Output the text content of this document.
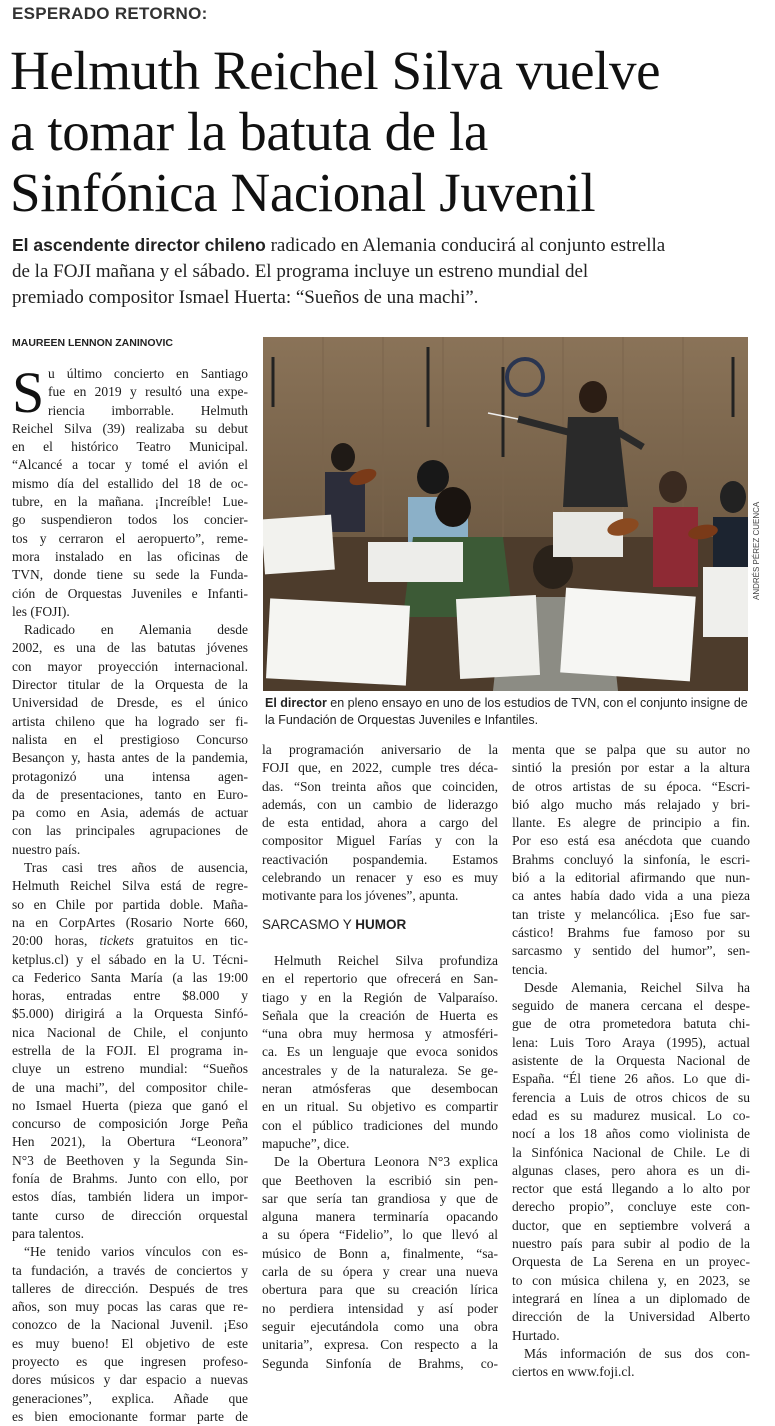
ESPERADO RETORNO:
Helmuth Reichel Silva vuelve
a tomar la batuta de la
Sinfónica Nacional Juvenil
El ascendente director chileno radicado en Alemania conducirá al conjunto estrella
de la FOJI mañana y el sábado. El programa incluye un estreno mundial del
premiado compositor Ismael Huerta: “Sueños de una machi”.
MAUREEN LENNON ZANINOVIC
S u último concierto en Santiago
fue en 2019 y resultó una expe-
riencia imborrable. Helmuth
Reichel Silva (39) realizaba su debut
en el histórico Teatro Municipal.
“Alcancé a tocar y tomé el avión el
mismo día del estallido del 18 de oc-
tubre, en la mañana. ¡Increíble! Lue-
go suspendieron todos los concier-
tos y cerraron el aeropuerto”, reme-
mora instalado en las oficinas de
TVN, donde tiene su sede la Funda-
ción de Orquestas Juveniles e Infanti-
les (FOJI).
Radicado en Alemania desde
2002, es una de las batutas jóvenes
con mayor proyección internacional.
Director titular de la Orquesta de la
Universidad de Dresde, es el único
artista chileno que ha logrado ser fi-
nalista en el prestigioso Concurso
Besançon y, hasta antes de la pandemia,
protagonizó una intensa agen-
da de presentaciones, tanto en Euro-
pa como en Asia, además de actuar
con las principales agrupaciones de
nuestro país.
Tras casi tres años de ausencia,
Helmuth Reichel Silva está de regre-
so en Chile por partida doble. Maña-
na en CorpArtes (Rosario Norte 660,
20:00 horas, tickets gratuitos en tic-
ketplus.cl) y el sábado en la U. Técni-
ca Federico Santa María (a las 19:00
horas, entradas entre $8.000 y
$5.000) dirigirá a la Orquesta Sinfó-
nica Nacional de Chile, el conjunto
estrella de la FOJI. El programa in-
cluye un estreno mundial: “Sueños
de una machi”, del compositor chile-
no Ismael Huerta (pieza que ganó el
concurso de composición Jorge Peña
Hen 2021), la Obertura “Leonora”
N°3 de Beethoven y la Segunda Sin-
fonía de Brahms. Junto con ello, por
estos días, también lidera un impor-
tante curso de dirección orquestal
para talentos.
“He tenido varios vínculos con es-
ta fundación, a través de conciertos y
talleres de dirección. Después de tres
años, son muy pocas las caras que re-
conozco de la Nacional Juvenil. ¡Eso
es muy bueno! El objetivo de este
proyecto es que ingresen profeso-
dores músicos y dar espacio a nuevas
generaciones”, explica. Añade que
es bien emocionante formar parte de
ANDRÉS PÉREZ CUENCA
El director en pleno ensayo en uno de los estudios de TVN, con el conjunto insigne de
la Fundación de Orquestas Juveniles e Infantiles.
la programación aniversario de la
FOJI que, en 2022, cumple tres déca-
das. “Son treinta años que coinciden,
además, con un cambio de liderazgo
de esta entidad, ahora a cargo del
compositor Miguel Farías y con la
reactivación pospandemia. Estamos
celebrando un renacer y eso es muy
motivante para los jóvenes”, apunta.
SARCASMO Y HUMOR
Helmuth Reichel Silva profundiza
en el repertorio que ofrecerá en San-
tiago y en la Región de Valparaíso.
Señala que la creación de Huerta es
“una obra muy hermosa y atmosféri-
ca. Es un lenguaje que evoca sonidos
ancestrales y de la naturaleza. Se ge-
neran atmósferas que desembocan
en un ritual. Su objetivo es compartir
con el público tradiciones del mundo
mapuche”, dice.
De la Obertura Leonora N°3 explica
que Beethoven la escribió sin pen-
sar que sería tan grandiosa y que de
alguna manera terminaría opacando
a su ópera “Fidelio”, lo que llevó al
músico de Bonn a, finalmente, “sa-
carla de su ópera y crear una nueva
obertura para que su creación lírica
no perdiera intensidad y así poder
seguir ejecutándola como una obra
unitaria”, expresa. Con respecto a la
Segunda Sinfonía de Brahms, co-
menta que se palpa que su autor no
sintió la presión por estar a la altura
de otros artistas de su época. “Escri-
bió algo mucho más relajado y bri-
llante. Es alegre de principio a fin.
Por eso está esa anécdota que cuando
Brahms concluyó la sinfonía, le escri-
bió a la editorial afirmando que nun-
ca antes había dado vida a una pieza
tan triste y melancólica. ¡Eso fue sar-
cástico! Brahms fue famoso por su
sarcasmo y sentido del humor”, sen-
tencia.
Desde Alemania, Reichel Silva ha
seguido de manera cercana el despe-
gue de otra prometedora batuta chi-
lena: Luis Toro Araya (1995), actual
asistente de la Orquesta Nacional de
España. “Él tiene 26 años. Lo que di-
ferencia a Luis de otros chicos de su
edad es su madurez musical. Lo co-
nocí a los 18 años como violinista de
la Sinfónica Nacional de Chile. Le di
algunas clases, pero ahora es un di-
rector que está llegando a lo alto por
derecho propio”, concluye este con-
ductor, que en septiembre volverá a
nuestro país para subir al podio de la
Orquesta de La Serena en un proyec-
to con música chilena y, en 2023, se
integrará en línea a un diplomado de
dirección de la Universidad Alberto
Hurtado.
Más información de sus dos con-
ciertos en www.foji.cl.
